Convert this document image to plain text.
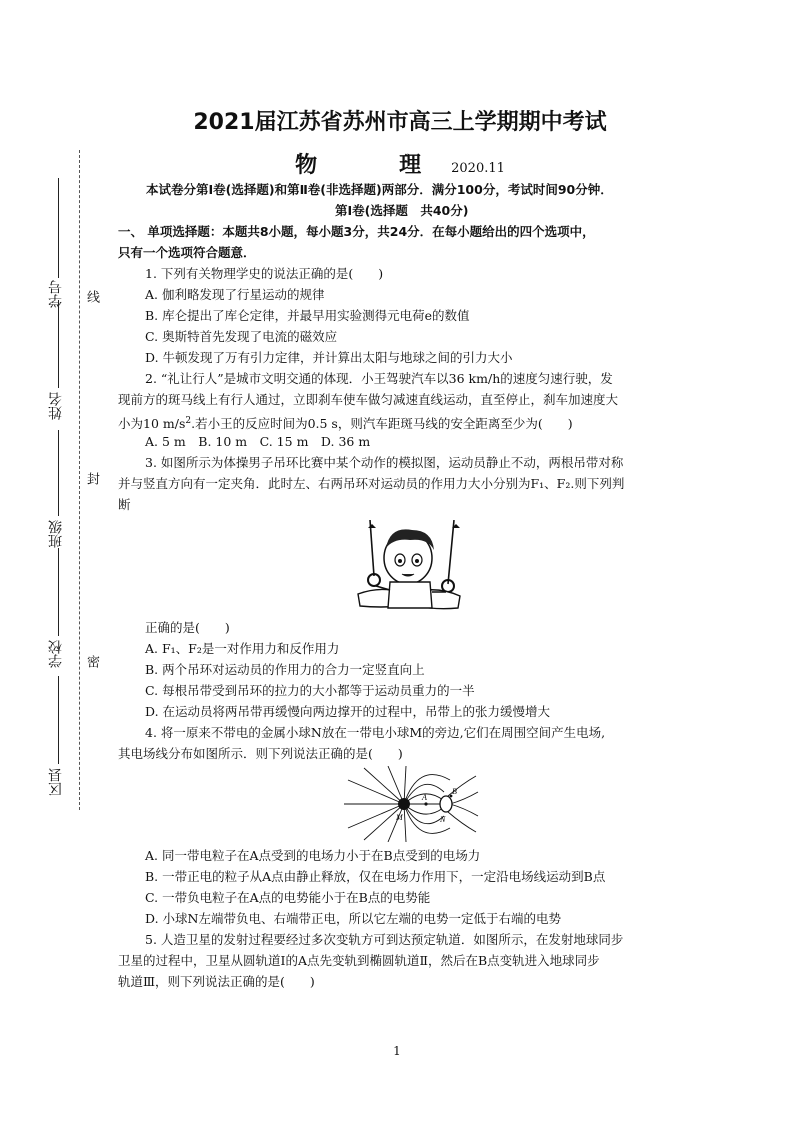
学号
姓名
班级
学校
区县
线
封
密
2021届江苏省苏州市高三上学期期中考试
物　理2020.11
本试卷分第Ⅰ卷(选择题)和第Ⅱ卷(非选择题)两部分．满分100分，考试时间90分钟．
第Ⅰ卷(选择题　共40分)
一、 单项选择题：本题共8小题，每小题3分，共24分．在每小题给出的四个选项中，
只有一个选项符合题意．
1. 下列有关物理学史的说法正确的是(　　)
A. 伽利略发现了行星运动的规律
B. 库仑提出了库仑定律，并最早用实验测得元电荷e的数值
C. 奥斯特首先发现了电流的磁效应
D. 牛顿发现了万有引力定律，并计算出太阳与地球之间的引力大小
2. “礼让行人”是城市文明交通的体现．小王驾驶汽车以36 km/h的速度匀速行驶，发
现前方的斑马线上有行人通过，立即刹车使车做匀减速直线运动，直至停止，刹车加速度大
小为10 $m/s^2$.若小王的反应时间为0.5 s，则汽车距斑马线的安全距离至少为(　　)
A. 5 m　B. 10 m　C. 15 m　D. 36 m
3. 如图所示为体操男子吊环比赛中某个动作的模拟图，运动员静止不动，两根吊带对称
并与竖直方向有一定夹角．此时左、右两吊环对运动员的作用力大小分别为F₁、F₂.则下列判
断
正确的是(　　)
A. F₁、F₂是一对作用力和反作用力
B. 两个吊环对运动员的作用力的合力一定竖直向上
C. 每根吊带受到吊环的拉力的大小都等于运动员重力的一半
D. 在运动员将两吊带再缓慢向两边撑开的过程中，吊带上的张力缓慢增大
4. 将一原来不带电的金属小球N放在一带电小球M的旁边,它们在周围空间产生电场,
其电场线分布如图所示．则下列说法正确的是(　　)
A
B
M	N
A. 同一带电粒子在A点受到的电场力小于在B点受到的电场力
B. 一带正电的粒子从A点由静止释放，仅在电场力作用下，一定沿电场线运动到B点
C. 一带负电粒子在A点的电势能小于在B点的电势能
D. 小球N左端带负电、右端带正电，所以它左端的电势一定低于右端的电势
5. 人造卫星的发射过程要经过多次变轨方可到达预定轨道．如图所示，在发射地球同步
卫星的过程中，卫星从圆轨道Ⅰ的A点先变轨到椭圆轨道Ⅱ，然后在B点变轨进入地球同步
轨道Ⅲ，则下列说法正确的是(　　)
1
